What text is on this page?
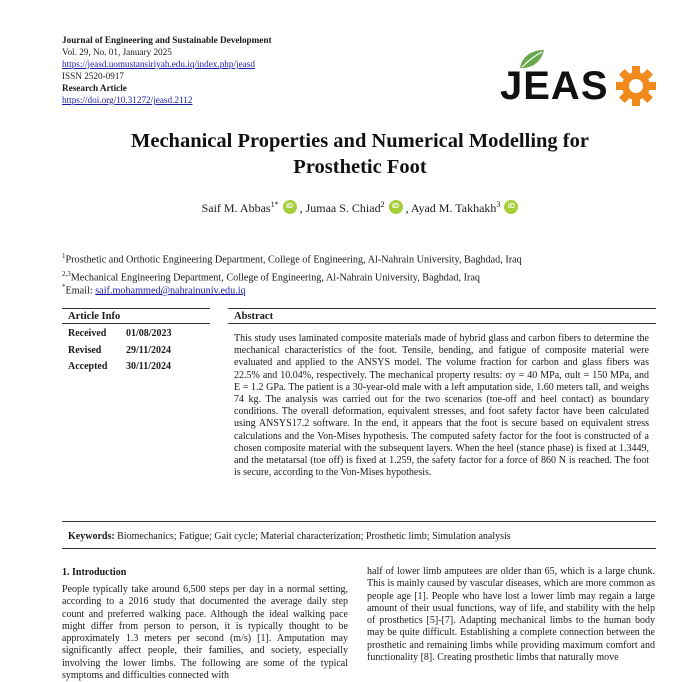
Journal of Engineering and Sustainable Development
Vol. 29, No. 01, January 2025
https://jeasd.uomustansiriyah.edu.iq/index.php/jeasd
ISSN 2520-0917
Research Article
https://doi.org/10.31272/jeasd.2112	JEAS
Mechanical Properties and Numerical Modelling for
Prosthetic Foot
Saif M. Abbas$^{1*}$ iD , Jumaa S. Chiad$^2$ iD , Ayad M. Takhakh$^3$ iD
$^1$Prosthetic and Orthotic Engineering Department, College of Engineering, Al-Nahrain University, Baghdad, Iraq
$^{2,3}$Mechanical Engineering Department, College of Engineering, Al-Nahrain University, Baghdad, Iraq
*Email: saif.mohammed@nahrainuniv.edu.iq
Article Info	Abstract
Received	01/08/2023
Revised	29/11/2024
Accepted	30/11/2024
This study uses laminated composite materials made of hybrid glass and carbon fibers to determine the mechanical characteristics of the foot. Tensile, bending, and fatigue of composite material were evaluated and applied to the ANSYS model. The volume fraction for carbon and glass fibers was 22.5% and 10.04%, respectively. The mechanical property results: σy = 40 MPa, σult = 150 MPa, and E = 1.2 GPa. The patient is a 30-year-old male with a left amputation side, 1.60 meters tall, and weighs 74 kg. The analysis was carried out for the two scenarios (toe-off and heel contact) as boundary conditions. The overall deformation, equivalent stresses, and foot safety factor have been calculated using ANSYS17.2 software. In the end, it appears that the foot is secure based on equivalent stress calculations and the Von-Mises hypothesis. The computed safety factor for the foot is constructed of a chosen composite material with the subsequent layers. When the heel (stance phase) is fixed at 1.3449, and the metatarsal (toe off) is fixed at 1.259, the safety factor for a force of 860 N is reached. The foot is secure, according to the Von-Mises hypothesis.
Keywords: Biomechanics; Fatigue; Gait cycle; Material characterization; Prosthetic limb; Simulation analysis
1. Introduction
People typically take around 6,500 steps per day in a normal setting, according to a 2016 study that documented the average daily step count and preferred walking pace. Although the ideal walking pace might differ from person to person, it is typically thought to be approximately 1.3 meters per second (m/s) [1]. Amputation may significantly affect people, their families, and society, especially involving the lower limbs. The following are some of the typical symptoms and difficulties connected with
half of lower limb amputees are older than 65, which is a large chunk. This is mainly caused by vascular diseases, which are more common as people age [1]. People who have lost a lower limb may regain a large amount of their usual functions, way of life, and stability with the help of prosthetics [5]-[7]. Adapting mechanical limbs to the human body may be quite difficult. Establishing a complete connection between the prosthetic and remaining limbs while providing maximum comfort and functionality [8]. Creating prosthetic limbs that naturally move
